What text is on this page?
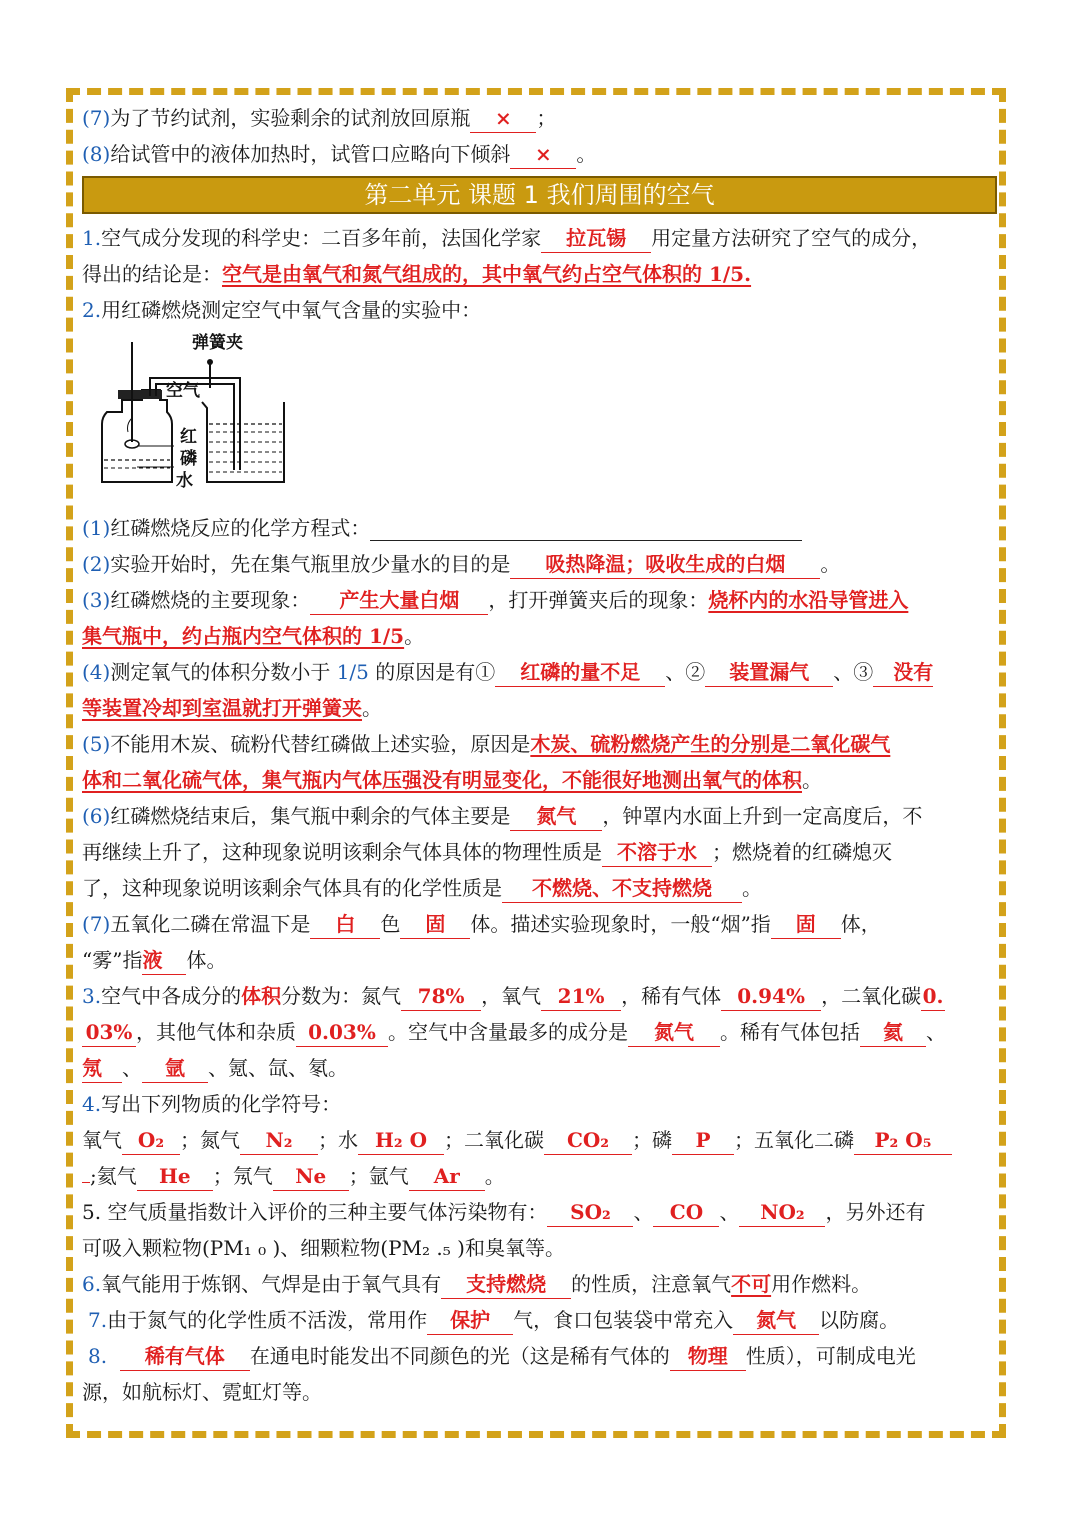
(7)为了节约试剂，实验剩余的试剂放回原瓶 × ；
(8)给试管中的液体加热时，试管口应略向下倾斜 × 。
第二单元 课题 1 我们周围的空气
1.空气成分发现的科学史：二百多年前，法国化学家 拉瓦锡 用定量方法研究了空气的成分，
得出的结论是：空气是由氧气和氮气组成的，其中氧气约占空气体积的 1/5.
2.用红磷燃烧测定空气中氧气含量的实验中：
弹簧夹
空气
红
磷
水
(1)红磷燃烧反应的化学方程式：
(2)实验开始时，先在集气瓶里放少量水的目的是 吸热降温；吸收生成的白烟 。
(3)红磷燃烧的主要现象： 产生大量白烟 ，打开弹簧夹后的现象：烧杯内的水沿导管进入
集气瓶中，约占瓶内空气体积的 1/5。
(4)测定氧气的体积分数小于 1/5 的原因是有① 红磷的量不足 、② 装置漏气 、③ 没有
等装置冷却到室温就打开弹簧夹。
(5)不能用木炭、硫粉代替红磷做上述实验，原因是木炭、硫粉燃烧产生的分别是二氧化碳气
体和二氧化硫气体，集气瓶内气体压强没有明显变化，不能很好地测出氧气的体积。
(6)红磷燃烧结束后，集气瓶中剩余的气体主要是 氮气 ，钟罩内水面上升到一定高度后，不
再继续上升了，这种现象说明该剩余气体具体的物理性质是 不溶于水 ；燃烧着的红磷熄灭
了，这种现象说明该剩余气体具有的化学性质是 不燃烧、不支持燃烧 。
(7)五氧化二磷在常温下是 白 色 固 体。描述实验现象时，一般“烟”指 固 体，
“雾”指液 体。
3.空气中各成分的体积分数为：氮气 78% ，氧气 21% ，稀有气体 0.94% ，二氧化碳0.
03% ，其他气体和杂质 0.03% 。空气中含量最多的成分是 氮气 。稀有气体包括 氦 、
氖 、 氩 、氪、氙、氡。
4.写出下列物质的化学符号：
氧气 O₂ ；氮气 N₂ ；水 H₂ O ；二氧化碳 CO₂ ；磷 P ；五氧化二磷 P₂ O₅
;氦气 He ；氖气 Ne ；氩气 Ar 。
5. 空气质量指数计入评价的三种主要气体污染物有： SO₂ 、 CO 、 NO₂ ，另外还有
可吸入颗粒物(PM₁ ₀ )、细颗粒物(PM₂ .₅ )和臭氧等。
6.氧气能用于炼钢、气焊是由于氧气具有 支持燃烧 的性质，注意氧气不可用作燃料。
7.由于氮气的化学性质不活泼，常用作 保护 气，食口包装袋中常充入 氮气 以防腐。
8. 稀有气体 在通电时能发出不同颜色的光（这是稀有气体的 物理 性质），可制成电光
源，如航标灯、霓虹灯等。
